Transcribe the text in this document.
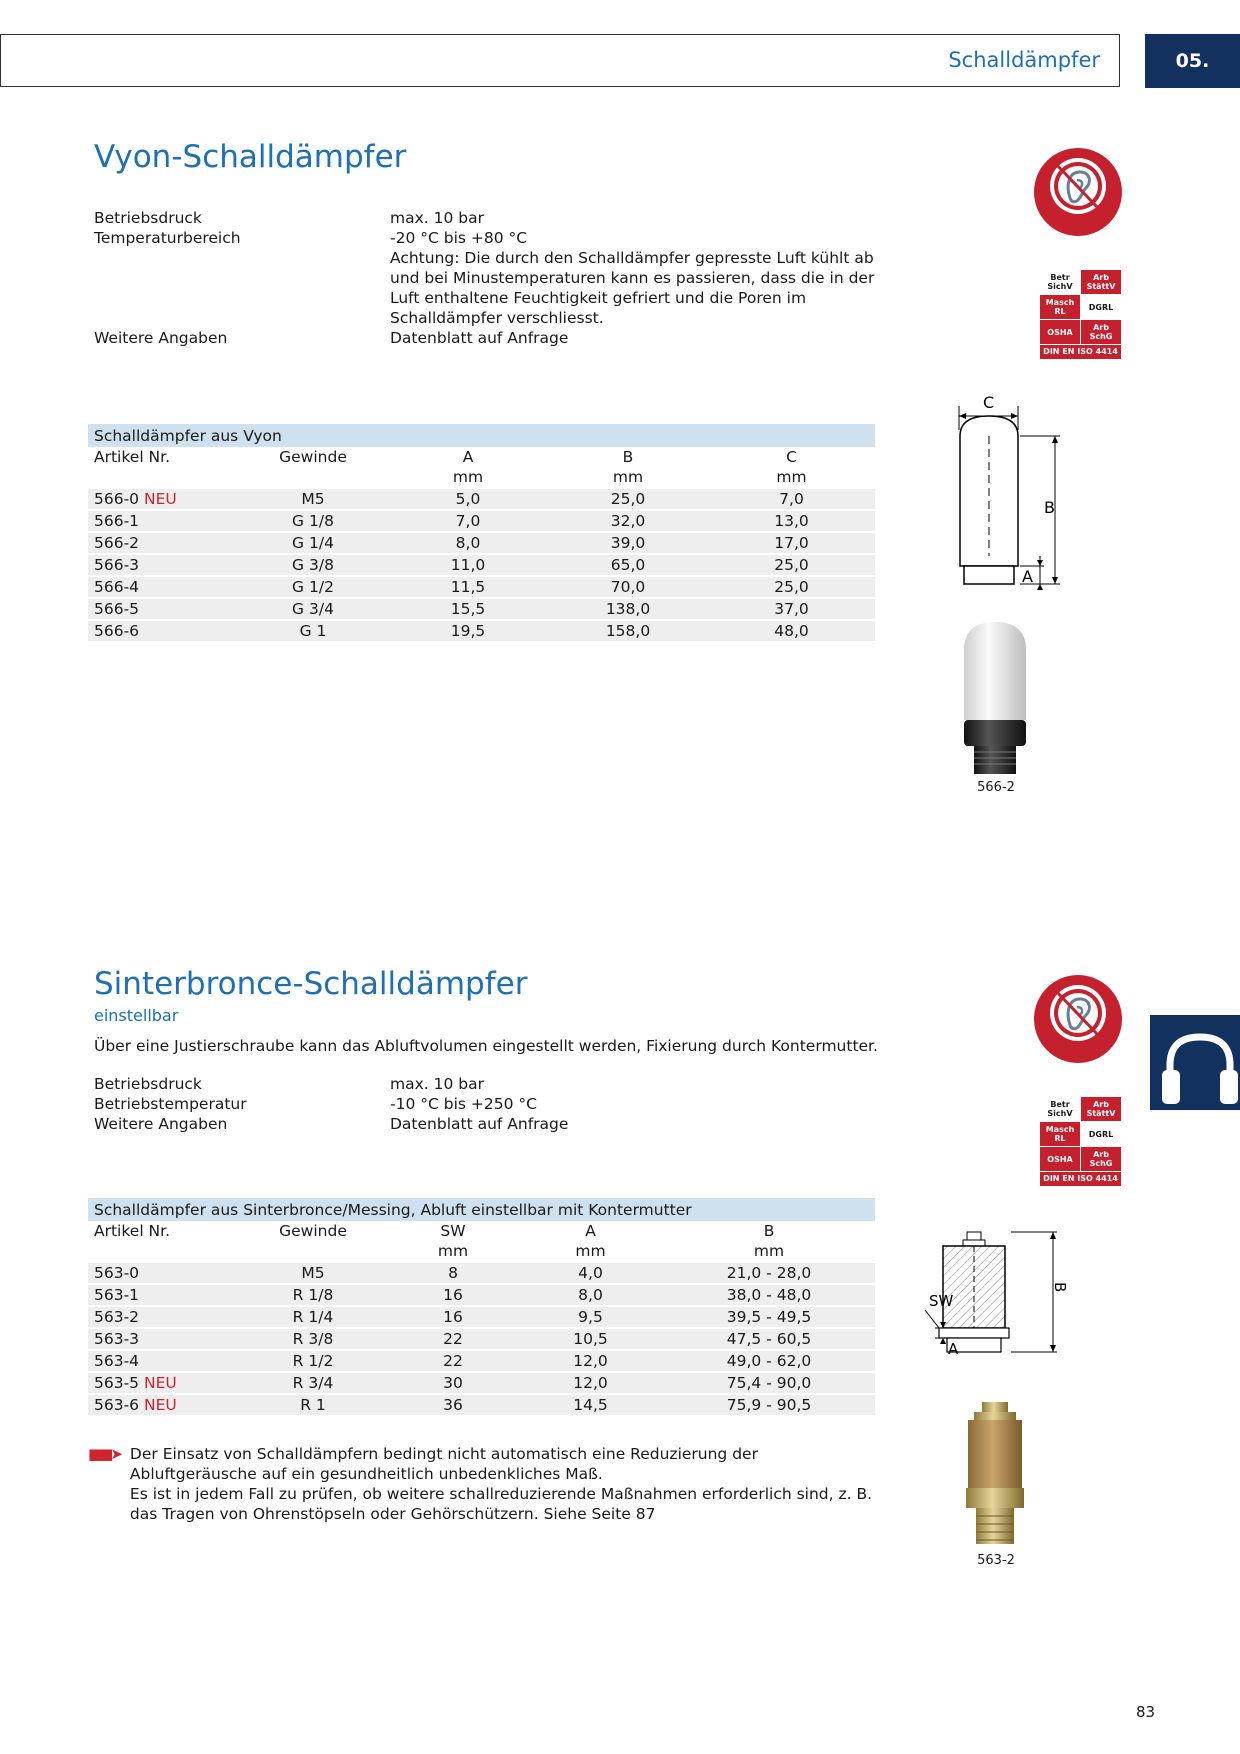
Schalldämpfer	05.
Vyon-Schalldämpfer
Betriebsdruck	max. 10 bar
Temperaturbereich	-20 °C bis +80 °C
Achtung: Die durch den Schalldämpfer gepresste Luft kühlt ab und bei Minustemperaturen kann es passieren, dass die in der Luft enthaltene Feuchtigkeit gefriert und die Poren im Schalldämpfer verschliesst.
Weitere Angaben	Datenblatt auf Anfrage
Betr SichV
Arb StättV
Masch RL	DGRL
OSHA	Arb SchG
DIN EN ISO 4414
Schalldämpfer aus Vyon				
Artikel Nr.	Gewinde	A	B	C
		mm	mm	mm
566-0 NEU	M5	5,0	25,0	7,0
566-1	G 1/8	7,0	32,0	13,0
566-2	G 1/4	8,0	39,0	17,0
566-3	G 3/8	11,0	65,0	25,0
566-4	G 1/2	11,5	70,0	25,0
566-5	G 3/4	15,5	138,0	37,0
566-6	G 1	19,5	158,0	48,0
C
B
A
566-2
Sinterbronce-Schalldämpfer
einstellbar
Über eine Justierschraube kann das Abluftvolumen eingestellt werden, Fixierung durch Kontermutter.
Betriebsdruck	max. 10 bar
Betriebstemperatur	-10 °C bis +250 °C
Weitere Angaben	Datenblatt auf Anfrage
Betr SichV
Arb StättV
Masch RL	DGRL
OSHA	Arb SchG
DIN EN ISO 4414
Schalldämpfer aus Sinterbronce/Messing, Abluft einstellbar mit Kontermutter				
Artikel Nr.	Gewinde	SW	A	B
		mm	mm	mm
563-0	M5	8	4,0	21,0 - 28,0
563-1	R 1/8	16	8,0	38,0 - 48,0
563-2	R 1/4	16	9,5	39,5 - 49,5
563-3	R 3/8	22	10,5	47,5 - 60,5
563-4	R 1/2	22	12,0	49,0 - 62,0
563-5 NEU	R 3/4	30	12,0	75,4 - 90,0
563-6 NEU	R 1	36	14,5	75,9 - 90,5
SW
A
B
563-2
■■➤ Der Einsatz von Schalldämpfern bedingt nicht automatisch eine Reduzierung der Abluftgeräusche auf ein gesundheitlich unbedenkliches Maß.
Es ist in jedem Fall zu prüfen, ob weitere schallreduzierende Maßnahmen erforderlich sind, z. B. das Tragen von Ohrenstöpseln oder Gehörschützern. Siehe Seite 87
83
